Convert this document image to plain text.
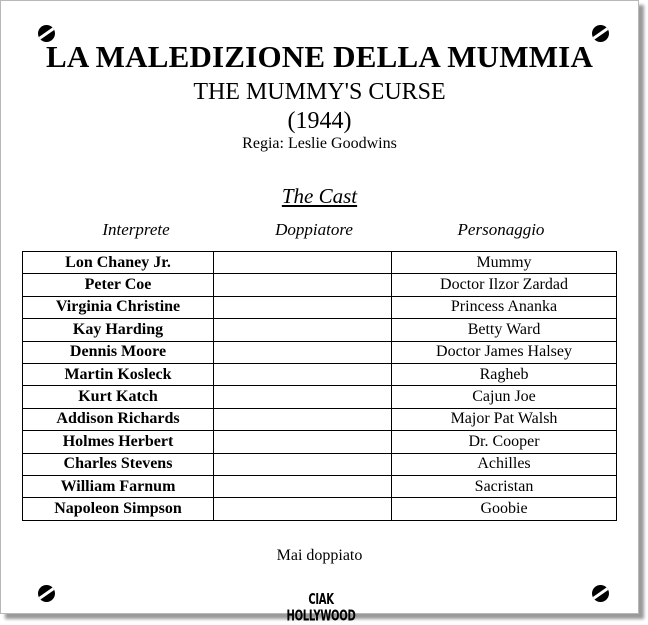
LA MALEDIZIONE DELLA MUMMIA
THE MUMMY'S CURSE
(1944)
Regia: Leslie Goodwins
The Cast
Interprete	Doppiatore	Personaggio
Lon Chaney Jr.		Mummy
Peter Coe		Doctor Ilzor Zardad
Virginia Christine		Princess Ananka
Kay Harding		Betty Ward
Dennis Moore		Doctor James Halsey
Martin Kosleck		Ragheb
Kurt Katch		Cajun Joe
Addison Richards		Major Pat Walsh
Holmes Herbert		Dr. Cooper
Charles Stevens		Achilles
William Farnum		Sacristan
Napoleon Simpson		Goobie
Mai doppiato
CIAK HOLLYWOOD
